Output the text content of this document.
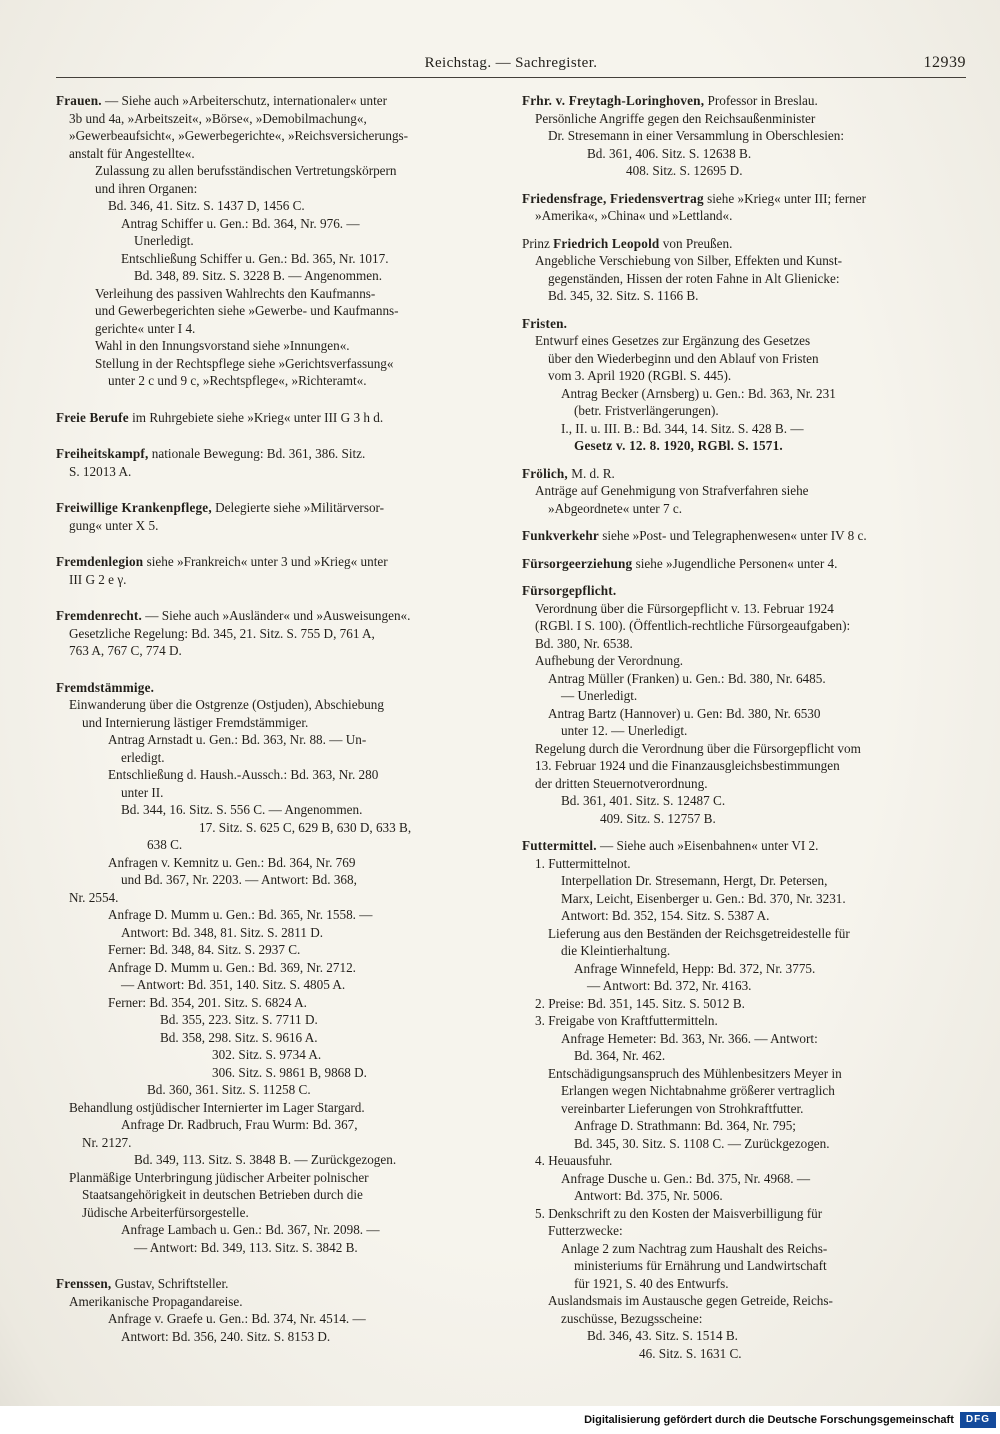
Reichstag. — Sachregister.	12939
Frauen. — Siehe auch »Arbeiterschutz, internationaler« unter
3b und 4a, »Arbeitszeit«, »Börse«, »Demobilmachung«,
»Gewerbeaufsicht«, »Gewerbegerichte«, »Reichsversicherungs-
anstalt für Angestellte«.
Zulassung zu allen berufsständischen Vertretungskörpern
und ihren Organen:
Bd. 346, 41. Sitz. S. 1437 D, 1456 C.
Antrag Schiffer u. Gen.: Bd. 364, Nr. 976. —
Unerledigt.
Entschließung Schiffer u. Gen.: Bd. 365, Nr. 1017.
Bd. 348, 89. Sitz. S. 3228 B. — Angenommen.
Verleihung des passiven Wahlrechts den Kaufmanns-
und Gewerbegerichten siehe »Gewerbe- und Kaufmanns-
gerichte« unter I 4.
Wahl in den Innungsvorstand siehe »Innungen«.
Stellung in der Rechtspflege siehe »Gerichtsverfassung«
unter 2 c und 9 c, »Rechtspflege«, »Richteramt«.
Freie Berufe im Ruhrgebiete siehe »Krieg« unter III G 3 h d.
Freiheitskampf, nationale Bewegung: Bd. 361, 386. Sitz.
S. 12013 A.
Freiwillige Krankenpflege, Delegierte siehe »Militärversor-
gung« unter X 5.
Fremdenlegion siehe »Frankreich« unter 3 und »Krieg« unter
III G 2 e γ.
Fremdenrecht. — Siehe auch »Ausländer« und »Ausweisungen«.
Gesetzliche Regelung: Bd. 345, 21. Sitz. S. 755 D, 761 A,
763 A, 767 C, 774 D.
Fremdstämmige.
Einwanderung über die Ostgrenze (Ostjuden), Abschiebung
und Internierung lästiger Fremdstämmiger.
Antrag Arnstadt u. Gen.: Bd. 363, Nr. 88. — Un-
erledigt.
Entschließung d. Haush.-Aussch.: Bd. 363, Nr. 280
unter II.
Bd. 344, 16. Sitz. S. 556 C. — Angenommen.
17. Sitz. S. 625 C, 629 B, 630 D, 633 B,
638 C.
Anfragen v. Kemnitz u. Gen.: Bd. 364, Nr. 769
und Bd. 367, Nr. 2203. — Antwort: Bd. 368,
Nr. 2554.
Anfrage D. Mumm u. Gen.: Bd. 365, Nr. 1558. —
Antwort: Bd. 348, 81. Sitz. S. 2811 D.
Ferner: Bd. 348, 84. Sitz. S. 2937 C.
Anfrage D. Mumm u. Gen.: Bd. 369, Nr. 2712.
— Antwort: Bd. 351, 140. Sitz. S. 4805 A.
Ferner: Bd. 354, 201. Sitz. S. 6824 A.
Bd. 355, 223. Sitz. S. 7711 D.
Bd. 358, 298. Sitz. S. 9616 A.
302. Sitz. S. 9734 A.
306. Sitz. S. 9861 B, 9868 D.
Bd. 360, 361. Sitz. S. 11258 C.
Behandlung ostjüdischer Internierter im Lager Stargard.
Anfrage Dr. Radbruch, Frau Wurm: Bd. 367,
Nr. 2127.
Bd. 349, 113. Sitz. S. 3848 B. — Zurückgezogen.
Planmäßige Unterbringung jüdischer Arbeiter polnischer
Staatsangehörigkeit in deutschen Betrieben durch die
Jüdische Arbeiterfürsorgestelle.
Anfrage Lambach u. Gen.: Bd. 367, Nr. 2098. —
— Antwort: Bd. 349, 113. Sitz. S. 3842 B.
Frenssen, Gustav, Schriftsteller.
Amerikanische Propagandareise.
Anfrage v. Graefe u. Gen.: Bd. 374, Nr. 4514. —
Antwort: Bd. 356, 240. Sitz. S. 8153 D.
Frhr. v. Freytagh-Loringhoven, Professor in Breslau.
Persönliche Angriffe gegen den Reichsaußenminister
Dr. Stresemann in einer Versammlung in Oberschlesien:
Bd. 361, 406. Sitz. S. 12638 B.
408. Sitz. S. 12695 D.
Friedensfrage, Friedensvertrag siehe »Krieg« unter III; ferner
»Amerika«, »China« und »Lettland«.
Prinz Friedrich Leopold von Preußen.
Angebliche Verschiebung von Silber, Effekten und Kunst-
gegenständen, Hissen der roten Fahne in Alt Glienicke:
Bd. 345, 32. Sitz. S. 1166 B.
Fristen.
Entwurf eines Gesetzes zur Ergänzung des Gesetzes
über den Wiederbeginn und den Ablauf von Fristen
vom 3. April 1920 (RGBl. S. 445).
Antrag Becker (Arnsberg) u. Gen.: Bd. 363, Nr. 231
(betr. Fristverlängerungen).
I., II. u. III. B.: Bd. 344, 14. Sitz. S. 428 B. —
Gesetz v. 12. 8. 1920, RGBl. S. 1571.
Frölich, M. d. R.
Anträge auf Genehmigung von Strafverfahren siehe
»Abgeordnete« unter 7 c.
Funkverkehr siehe »Post- und Telegraphenwesen« unter IV 8 c.
Fürsorgeerziehung siehe »Jugendliche Personen« unter 4.
Fürsorgepflicht.
Verordnung über die Fürsorgepflicht v. 13. Februar 1924
(RGBl. I S. 100). (Öffentlich-rechtliche Fürsorgeaufgaben):
Bd. 380, Nr. 6538.
Aufhebung der Verordnung.
Antrag Müller (Franken) u. Gen.: Bd. 380, Nr. 6485.
— Unerledigt.
Antrag Bartz (Hannover) u. Gen: Bd. 380, Nr. 6530
unter 12. — Unerledigt.
Regelung durch die Verordnung über die Fürsorgepflicht vom
13. Februar 1924 und die Finanzausgleichsbestimmungen
der dritten Steuernotverordnung.
Bd. 361, 401. Sitz. S. 12487 C.
409. Sitz. S. 12757 B.
Futtermittel. — Siehe auch »Eisenbahnen« unter VI 2.
1. Futtermittelnot.
Interpellation Dr. Stresemann, Hergt, Dr. Petersen,
Marx, Leicht, Eisenberger u. Gen.: Bd. 370, Nr. 3231.
Antwort: Bd. 352, 154. Sitz. S. 5387 A.
Lieferung aus den Beständen der Reichsgetreidestelle für
die Kleintierhaltung.
Anfrage Winnefeld, Hepp: Bd. 372, Nr. 3775.
— Antwort: Bd. 372, Nr. 4163.
2. Preise: Bd. 351, 145. Sitz. S. 5012 B.
3. Freigabe von Kraftfuttermitteln.
Anfrage Hemeter: Bd. 363, Nr. 366. — Antwort:
Bd. 364, Nr. 462.
Entschädigungsanspruch des Mühlenbesitzers Meyer in
Erlangen wegen Nichtabnahme größerer vertraglich
vereinbarter Lieferungen von Strohkraftfutter.
Anfrage D. Strathmann: Bd. 364, Nr. 795;
Bd. 345, 30. Sitz. S. 1108 C. — Zurückgezogen.
4. Heuausfuhr.
Anfrage Dusche u. Gen.: Bd. 375, Nr. 4968. —
Antwort: Bd. 375, Nr. 5006.
5. Denkschrift zu den Kosten der Maisverbilligung für
Futterzwecke:
Anlage 2 zum Nachtrag zum Haushalt des Reichs-
ministeriums für Ernährung und Landwirtschaft
für 1921, S. 40 des Entwurfs.
Auslandsmais im Austausche gegen Getreide, Reichs-
zuschüsse, Bezugsscheine:
Bd. 346, 43. Sitz. S. 1514 B.
46. Sitz. S. 1631 C.
Digitalisierung gefördert durch die Deutsche Forschungsgemeinschaft	DFG
